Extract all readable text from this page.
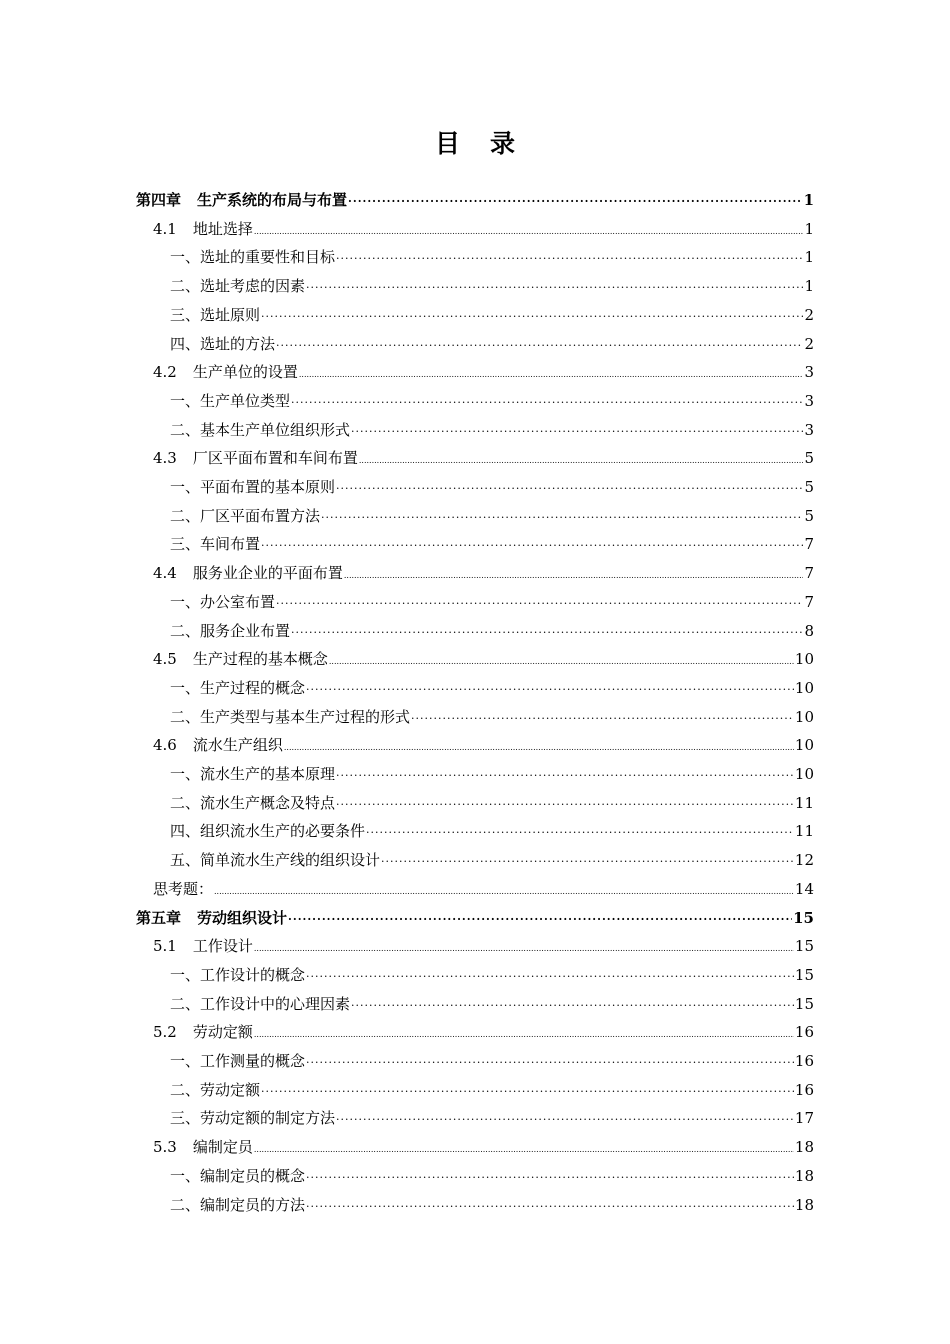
目录
第四章 生产系统的布局与布置 ·····	1
4.1 地址选择 .....	1
一、选址的重要性和目标 ·····	1
二、选址考虑的因素 ·····	1
三、选址原则 ·····	2
四、选址的方法 ·····	2
4.2 生产单位的设置 .....	3
一、生产单位类型 ·····	3
二、基本生产单位组织形式 ·····	3
4.3 厂区平面布置和车间布置 .....	5
一、平面布置的基本原则 ·····	5
二、厂区平面布置方法 ·····	5
三、车间布置 ·····	7
4.4 服务业企业的平面布置 .....	7
一、办公室布置 ·····	7
二、服务企业布置 ·····	8
4.5 生产过程的基本概念 .....	10
一、生产过程的概念 ·····	10
二、生产类型与基本生产过程的形式 ·····	10
4.6 流水生产组织 .....	10
一、流水生产的基本原理 ·····	10
二、流水生产概念及特点 ·····	11
四、组织流水生产的必要条件 ·····	11
五、简单流水生产线的组织设计 ·····	12
思考题： .....	14
第五章 劳动组织设计 ·····	15
5.1 工作设计 .....	15
一、工作设计的概念 ·····	15
二、工作设计中的心理因素 ·····	15
5.2 劳动定额 .....	16
一、工作测量的概念 ·····	16
二、劳动定额 ·····	16
三、劳动定额的制定方法 ·····	17
5.3 编制定员 .....	18
一、编制定员的概念 ·····	18
二、编制定员的方法 ·····	18
